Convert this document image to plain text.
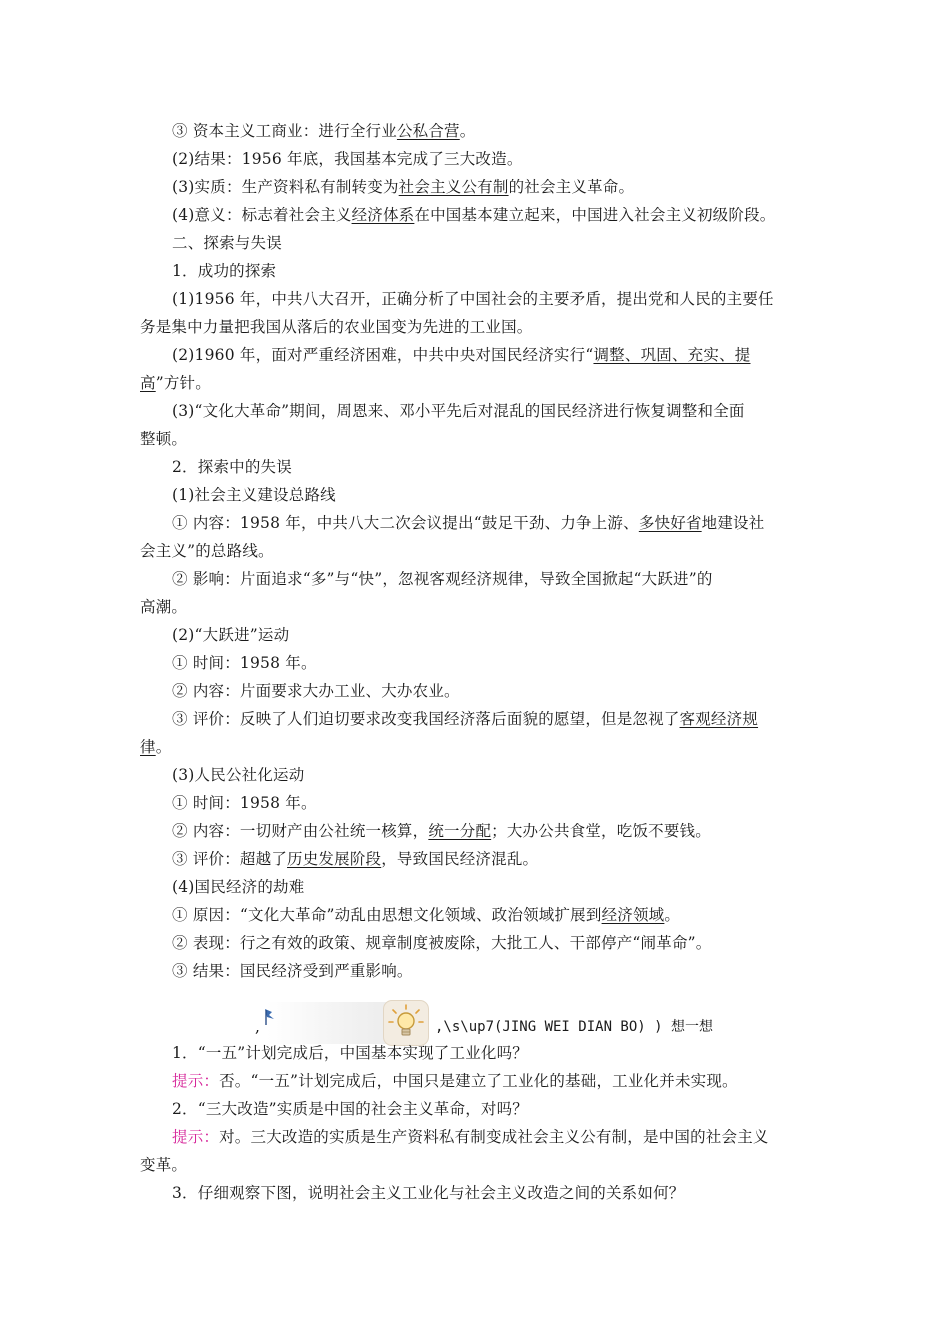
③ 资本主义工商业：进行全行业公私合营。
(2)结果：1956 年底，我国基本完成了三大改造。
(3)实质：生产资料私有制转变为社会主义公有制的社会主义革命。
(4)意义：标志着社会主义经济体系在中国基本建立起来，中国进入社会主义初级阶段。
二、探索与失误
1．成功的探索
(1)1956 年，中共八大召开，正确分析了中国社会的主要矛盾，提出党和人民的主要任
务是集中力量把我国从落后的农业国变为先进的工业国。
(2)1960 年，面对严重经济困难，中共中央对国民经济实行“调整、巩固、充实、提
高”方针。
(3)“文化大革命”期间，周恩来、邓小平先后对混乱的国民经济进行恢复调整和全面
整顿。
2．探索中的失误
(1)社会主义建设总路线
① 内容：1958 年，中共八大二次会议提出“鼓足干劲、力争上游、多快好省地建设社
会主义”的总路线。
② 影响：片面追求“多”与“快”，忽视客观经济规律，导致全国掀起“大跃进”的
高潮。
(2)“大跃进”运动
① 时间：1958 年。
② 内容：片面要求大办工业、大办农业。
③ 评价：反映了人们迫切要求改变我国经济落后面貌的愿望，但是忽视了客观经济规
律。
(3)人民公社化运动
① 时间：1958 年。
② 内容：一切财产由公社统一核算，统一分配；大办公共食堂，吃饭不要钱。
③ 评价：超越了历史发展阶段，导致国民经济混乱。
(4)国民经济的劫难
① 原因：“文化大革命”动乱由思想文化领域、政治领域扩展到经济领域。
② 表现：行之有效的政策、规章制度被废除，大批工人、干部停产“闹革命”。
③ 结果：国民经济受到严重影响。
,	,\s\up7(JING WEI DIAN BO) ) 想一想
1．“一五”计划完成后，中国基本实现了工业化吗？
提示：否。“一五”计划完成后，中国只是建立了工业化的基础，工业化并未实现。
2．“三大改造”实质是中国的社会主义革命，对吗？
提示：对。三大改造的实质是生产资料私有制变成社会主义公有制，是中国的社会主义
变革。
3．仔细观察下图，说明社会主义工业化与社会主义改造之间的关系如何？
